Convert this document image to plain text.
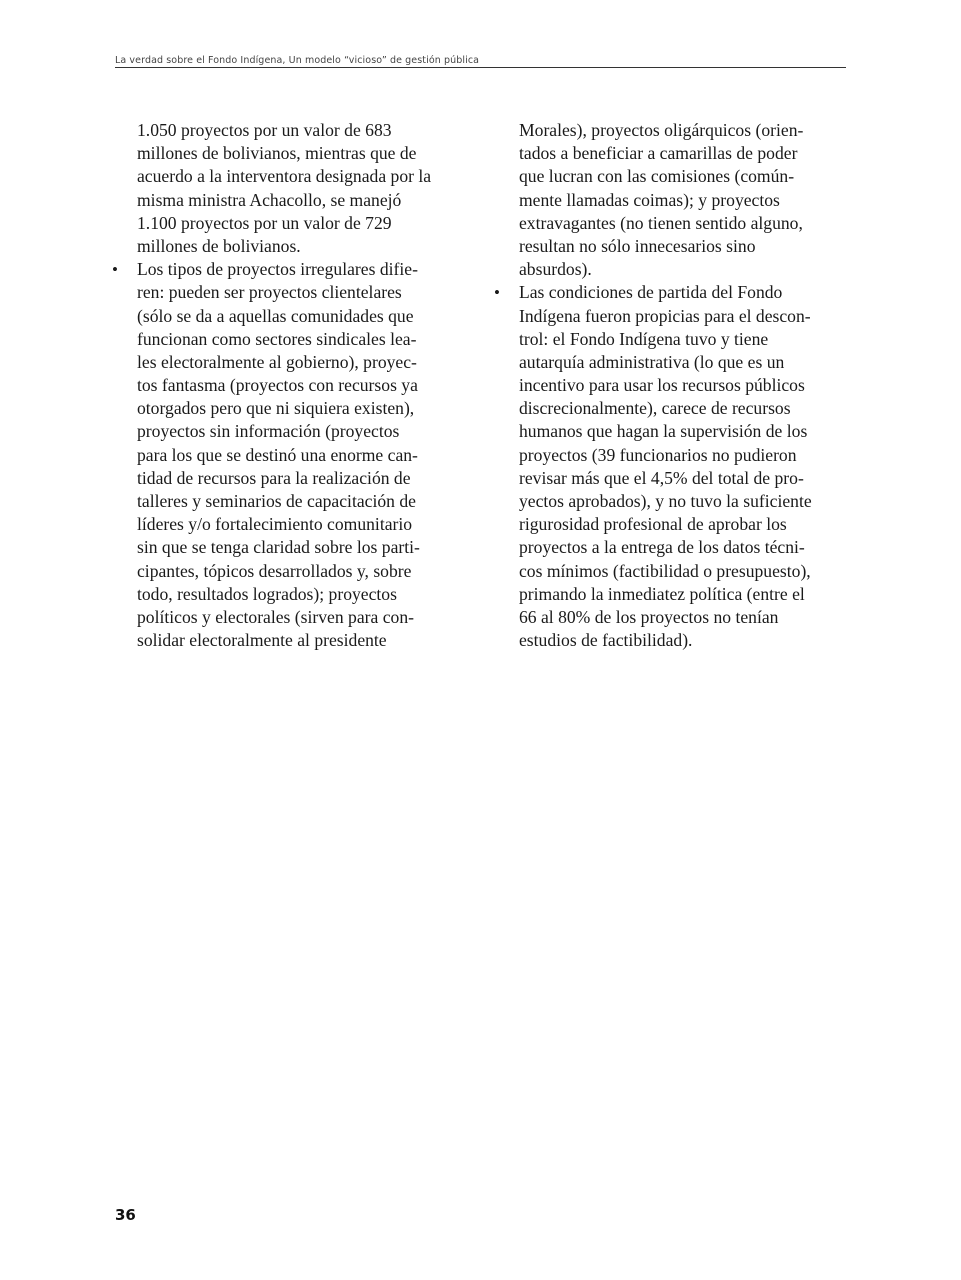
La verdad sobre el Fondo Indígena, Un modelo “vicioso” de gestión pública
1.050 proyectos por un valor de 683
millones de bolivianos, mientras que de
acuerdo a la interventora designada por la
misma ministra Achacollo, se manejó
1.100 proyectos por un valor de 729
millones de bolivianos.
• Los tipos de proyectos irregulares difie-
ren: pueden ser proyectos clientelares
(sólo se da a aquellas comunidades que
funcionan como sectores sindicales lea-
les electoralmente al gobierno), proyec-
tos fantasma (proyectos con recursos ya
otorgados pero que ni siquiera existen),
proyectos sin información (proyectos
para los que se destinó una enorme can-
tidad de recursos para la realización de
talleres y seminarios de capacitación de
líderes y/o fortalecimiento comunitario
sin que se tenga claridad sobre los parti-
cipantes, tópicos desarrollados y, sobre
todo, resultados logrados); proyectos
políticos y electorales (sirven para con-
solidar electoralmente al presidente
Morales), proyectos oligárquicos (orien-
tados a beneficiar a camarillas de poder
que lucran con las comisiones (común-
mente llamadas coimas); y proyectos
extravagantes (no tienen sentido alguno,
resultan no sólo innecesarios sino
absurdos).
• Las condiciones de partida del Fondo
Indígena fueron propicias para el descon-
trol: el Fondo Indígena tuvo y tiene
autarquía administrativa (lo que es un
incentivo para usar los recursos públicos
discrecionalmente), carece de recursos
humanos que hagan la supervisión de los
proyectos (39 funcionarios no pudieron
revisar más que el 4,5% del total de pro-
yectos aprobados), y no tuvo la suficiente
rigurosidad profesional de aprobar los
proyectos a la entrega de los datos técni-
cos mínimos (factibilidad o presupuesto),
primando la inmediatez política (entre el
66 al 80% de los proyectos no tenían
estudios de factibilidad).
36
